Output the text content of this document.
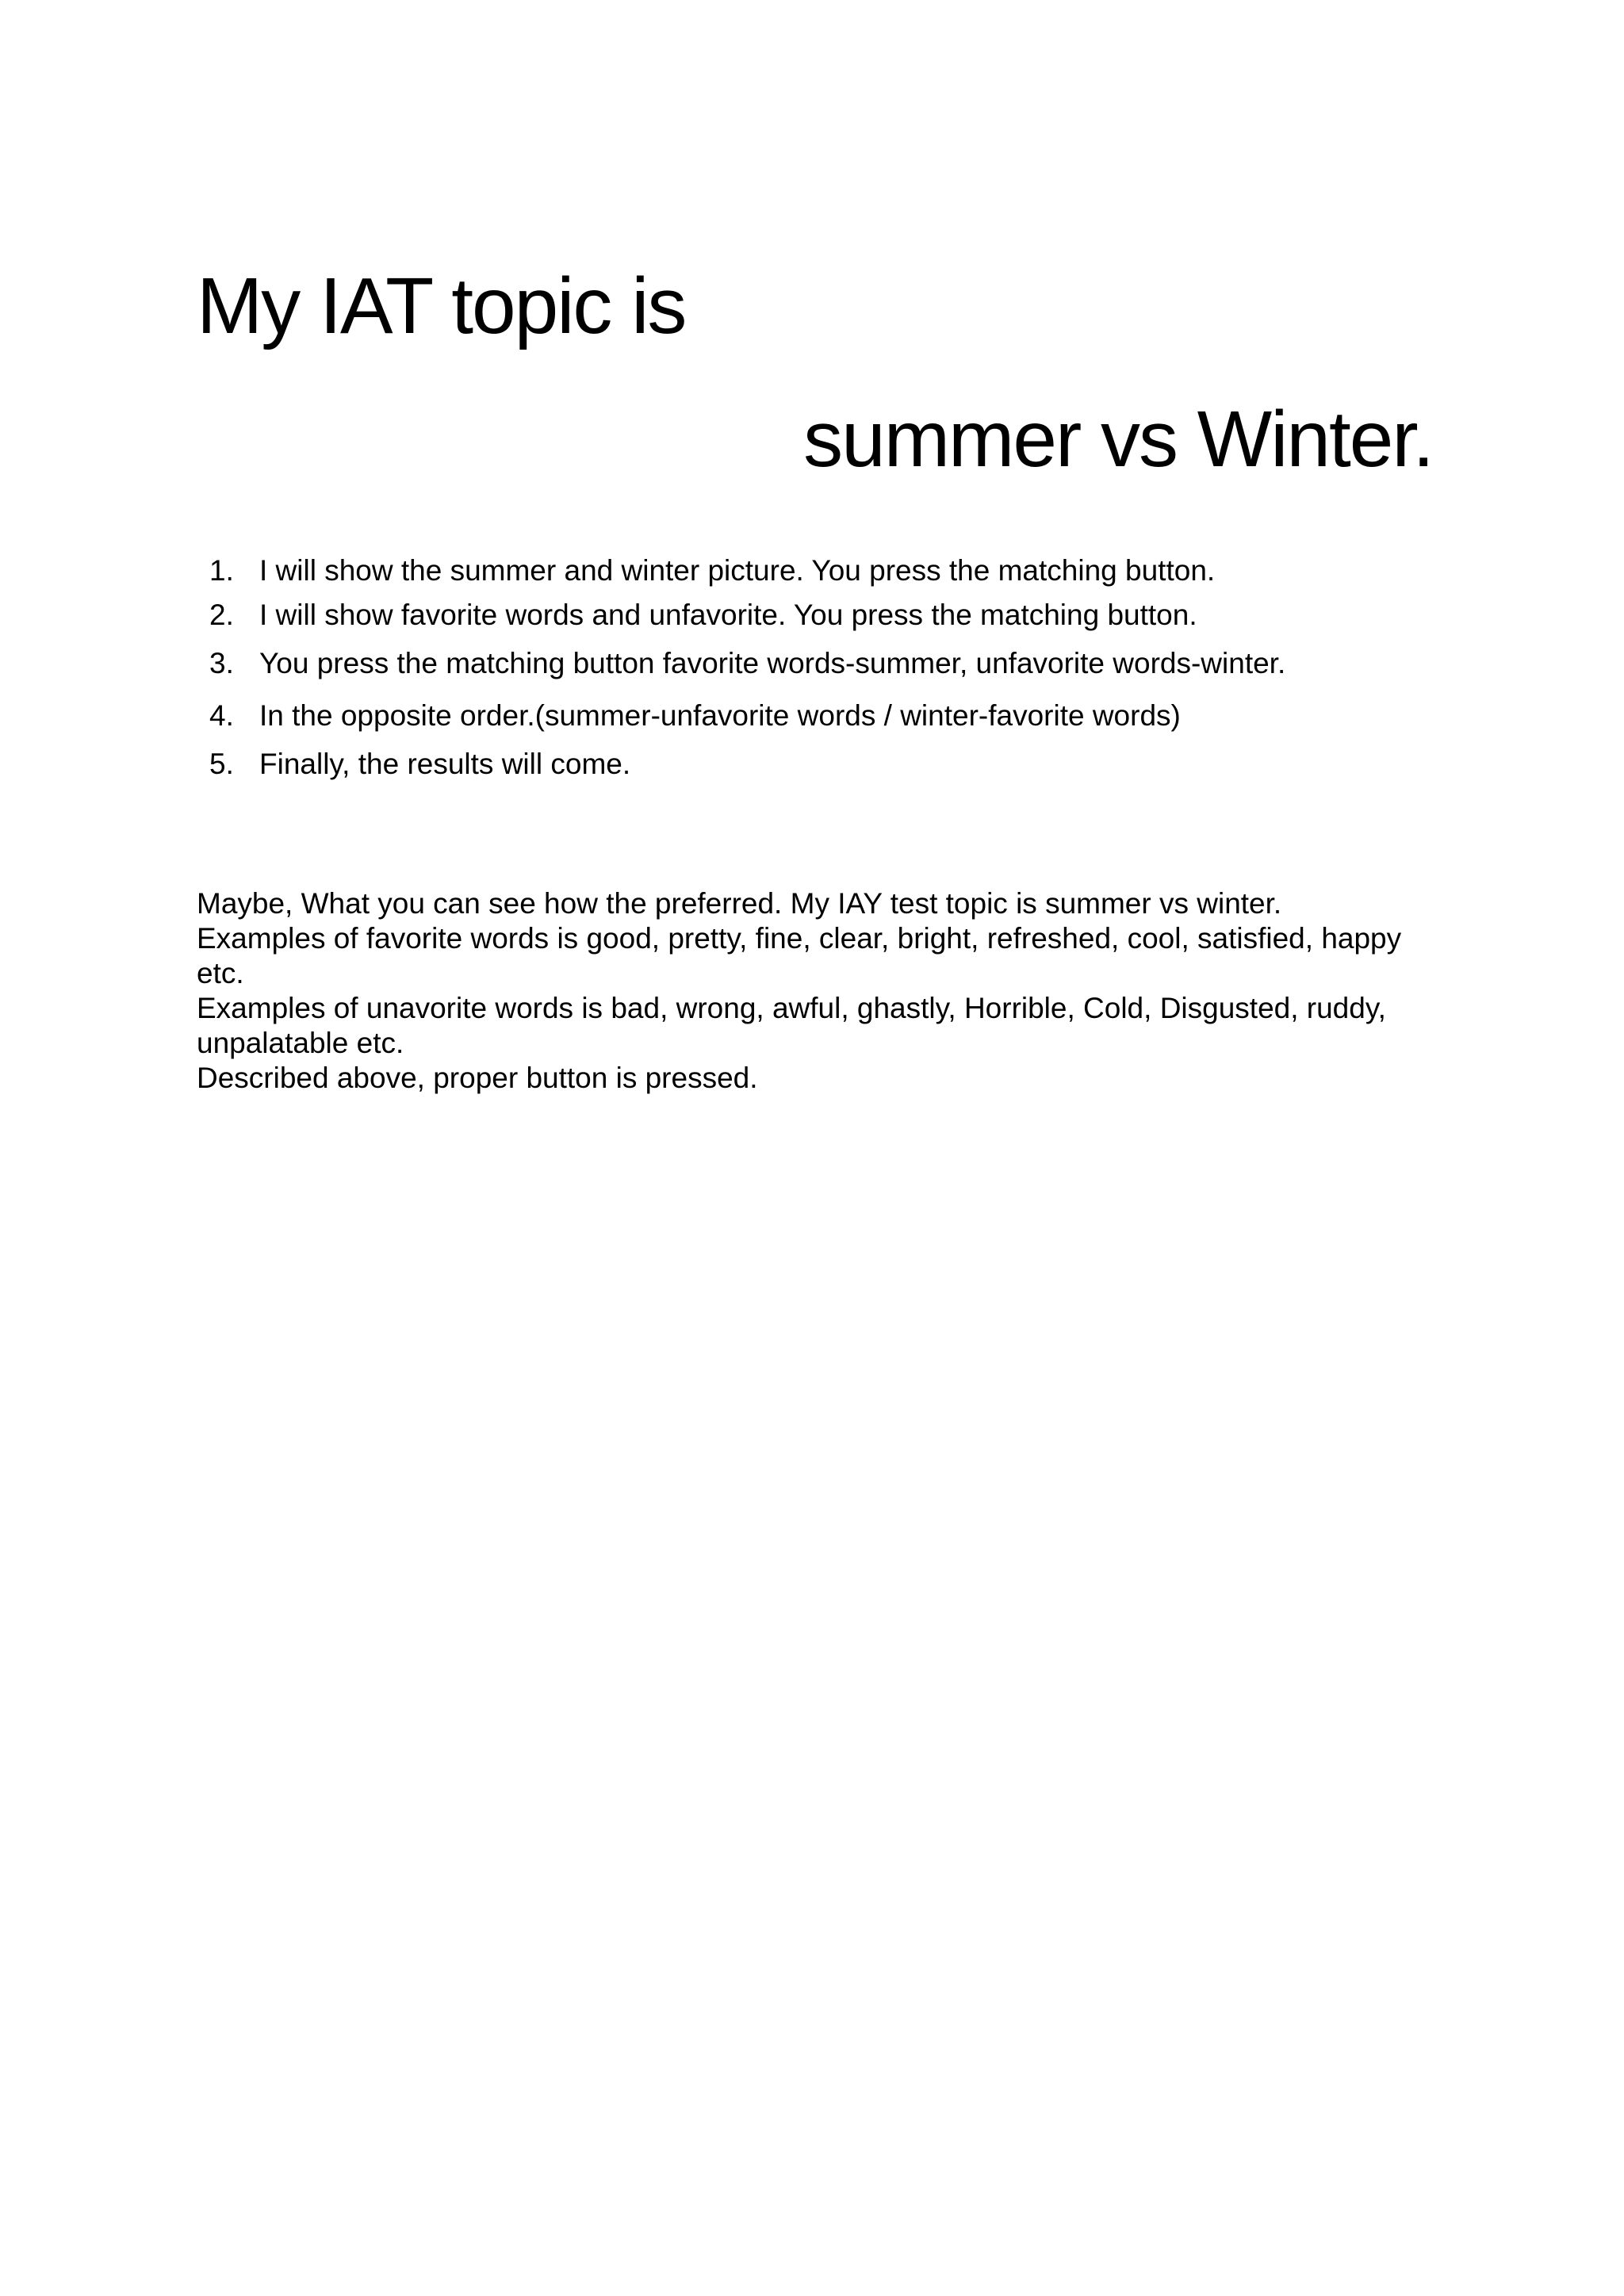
My IAT topic is
summer vs Winter.
1. I will show the summer and winter picture. You press the matching button.
2. I will show favorite words and unfavorite. You press the matching button.
3. You press the matching button favorite words-summer, unfavorite words-winter.
4. In the opposite order.(summer-unfavorite words / winter-favorite words)
5. Finally, the results will come.

Maybe, What you can see how the preferred. My IAY test topic is summer vs winter.

Examples of favorite words is good, pretty, fine, clear, bright, refreshed, cool, satisfied, happy etc.

Examples of unavorite words is bad, wrong, awful, ghastly, Horrible, Cold, Disgusted, ruddy, unpalatable etc.

Described above, proper button is pressed.
